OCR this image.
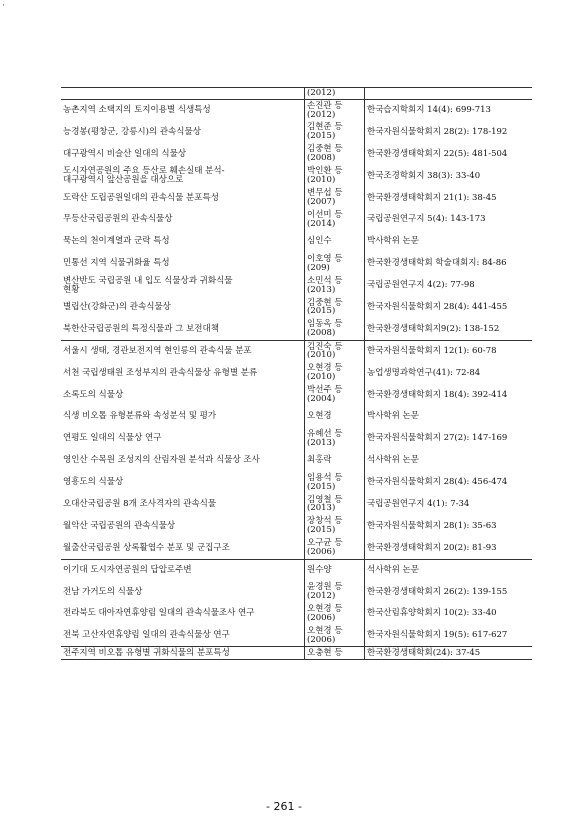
·
	(2012)	

농촌지역 소택지의 토지이용별 식생특성	손진관 등
(2012)	한국습지학회지 14(4): 699-713

능경봉(평창군, 강릉시)의 관속식물상	김현준 등
(2015)	한국자원식물학회지 28(2): 178-192

대구광역시 비슬산 일대의 식물상	김중현 등
(2008)	한국환경생태학회지 22(5): 481-504

도시자연공원의 주요 등산로 훼손실태 분석-
대구광역시 앞산공원을 대상으로	박인환 등
(2010)	한국조경학회지 38(3): 33-40

도락산 도립공원일대의 관속식물 분포특성	변무섭 등
(2007)	한국환경생태학회지 21(1): 38-45

무등산국립공원의 관속식물상	이선미 등
(2014)	국립공원연구지 5(4): 143-173

묵논의 천이계열과 군락 특성	심인수	박사학위 논문

민통선 지역 식물귀화율 특성	이호영 등
(209)	한국환경생태학회 학술대회지: 84-86

변산반도 국립공원 내 입도 식물상과 귀화식물
현황	소민석 등
(2013)	국립공원연구지 4(2): 77-98

별립산(강화군)의 관속식물상	김중현 등
(2015)	한국자원식물학회지 28(4): 441-455

북한산국립공원의 특정식물과 그 보전대책	임동옥 등
(2008)	한국환경생태학회지9(2): 138-152

서울시 생태, 경관보전지역 현인릉의 관속식물 분포	김진숙 등
(2010)	한국자원식물학회지 12(1): 60-78

서천 국립생태원 조성부지의 관속식물상 유형별 분류	오현경 등
(2010)	농업생명과학연구(41): 72-84

소록도의 식물상	박선주 등
(2004)	한국환경생태학회지 18(4): 392-414

식생 비오톱 유형분류와 속성분석 및 평가	오현경	박사학위 논문

연평도 일대의 식물상 연구	유혜선 등
(2013)	한국자원식물학회지 27(2): 147-169

영인산 수목원 조성지의 산림자원 분석과 식물상 조사	최홍락	석사학위 논문

영흥도의 식물상	임용석 등
(2015)	한국자원식물학회지 28(4): 456-474

오대산국립공원 8개 조사격자의 관속식물	김영철 등
(2013)	국립공원연구지 4(1): 7-34

월악산 국립공원의 관속식물상	장창석 등
(2015)	한국자원식물학회지 28(1): 35-63

월출산국립공원 상록활엽수 분포 및 군집구조	오구균 등
(2006)	한국환경생태학회지 20(2): 81-93

이기대 도시자연공원의 답압로주변	원수양	석사학위 논문

전남 가거도의 식물상	윤경원 등
(2012)	한국환경생태학회지 26(2): 139-155

전라북도 대아자연휴양림 일대의 관속식물조사 연구	오현경 등
(2006)	한국산림휴양학회지 10(2): 33-40

전북 고산자연휴양림 일대의 관속식물상 연구	오현경 등
(2006)	한국자원식물학회지 19(5): 617-627

전주지역 비오톱 유형별 귀화식물의 분포특성	오충현 등	한국환경생태학회(24): 37-45
- 261 -
